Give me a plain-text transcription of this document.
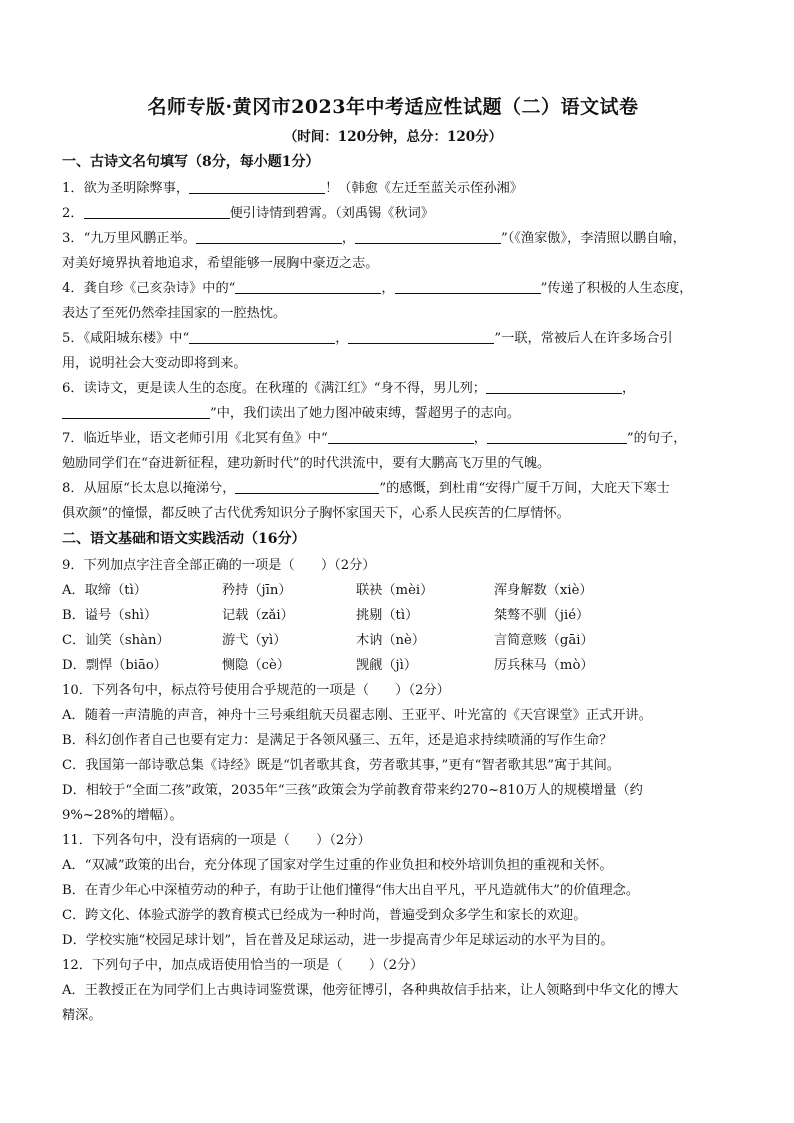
名师专版·黄冈市2023年中考适应性试题（二）语文试卷
（时间：120分钟，总分：120分）
一、古诗文名句填写（8分，每小题1分）

1．欲为圣明除弊事，	！（韩愈《左迁至蓝关示侄孙湘》

2．	便引诗情到碧霄。（刘禹锡《秋词》

3．“九万里风鹏正举。	，	”（《渔家傲》，李清照以鹏自喻，
对美好境界执着地追求，希望能够一展胸中豪迈之志。

4．龚自珍《己亥杂诗》中的“	，	”传递了积极的人生态度，
表达了至死仍然牵挂国家的一腔热忱。

5．《咸阳城东楼》中“	，	”一联，常被后人在许多场合引
用，说明社会大变动即将到来。

6．读诗文，更是读人生的态度。在秋瑾的《满江红》“身不得，男儿列；	，
”中，我们读出了她力图冲破束缚，誓超男子的志向。

7．临近毕业，语文老师引用《北冥有鱼》中“	，	”的句子，
勉励同学们在“奋进新征程，建功新时代”的时代洪流中，要有大鹏高飞万里的气魄。

8．从屈原“长太息以掩涕兮，	”的感慨，到杜甫“安得广厦千万间，大庇天下寒士
俱欢颜”的憧憬，都反映了古代优秀知识分子胸怀家国天下，心系人民疾苦的仁厚情怀。

二、语文基础和语文实践活动（16分）

9．下列加点字注音全部正确的一项是（　　）（2分）

A．取缔（tì）	矜持（jīn）	联袂（mèi）	浑身解数（xiè）
B．谥号（shì）	记载（zǎi）	挑剔（tì）	桀骜不驯（jié）
C．讪笑（shàn）	游弋（yì）	木讷（nè）	言简意赅（gāi）
D．剽悍（biāo）	恻隐（cè）	觊觎（jì）	厉兵秣马（mò）

10．下列各句中，标点符号使用合乎规范的一项是（　　）（2分）

A．随着一声清脆的声音，神舟十三号乘组航天员翟志刚、王亚平、叶光富的《天宫课堂》正式开讲。

B．科幻创作者自己也要有定力：是满足于各领风骚三、五年，还是追求持续喷涌的写作生命？

C．我国第一部诗歌总集《诗经》既是“饥者歌其食，劳者歌其事，”更有“智者歌其思”寓于其间。

D．相较于“全面二孩”政策，2035年“三孩”政策会为学前教育带来约270~810万人的规模增量（约
9%~28%的增幅）。

11．下列各句中，没有语病的一项是（　　）（2分）

A．“双减”政策的出台，充分体现了国家对学生过重的作业负担和校外培训负担的重视和关怀。

B．在青少年心中深植劳动的种子，有助于让他们懂得“伟大出自平凡，平凡造就伟大”的价值理念。

C．跨文化、体验式游学的教育模式已经成为一种时尚，普遍受到众多学生和家长的欢迎。

D．学校实施“校园足球计划”，旨在普及足球运动，进一步提高青少年足球运动的水平为目的。

12．下列句子中，加点成语使用恰当的一项是（　　）（2分）

A．王教授正在为同学们上古典诗词鉴赏课，他旁征博引，各种典故信手拈来，让人领略到中华文化的博大
精深。
